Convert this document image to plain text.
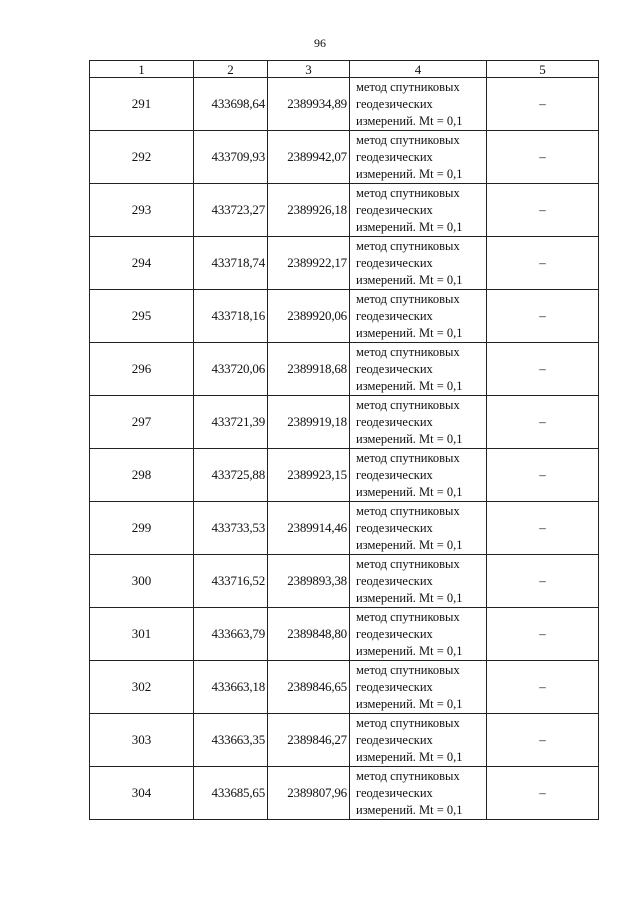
96
1	2	3	4	5
291	433698,64	2389934,89	метод спутниковых
геодезических
измерений. Mt = 0,1	–
292	433709,93	2389942,07	метод спутниковых
геодезических
измерений. Mt = 0,1	–
293	433723,27	2389926,18	метод спутниковых
геодезических
измерений. Mt = 0,1	–
294	433718,74	2389922,17	метод спутниковых
геодезических
измерений. Mt = 0,1	–
295	433718,16	2389920,06	метод спутниковых
геодезических
измерений. Mt = 0,1	–
296	433720,06	2389918,68	метод спутниковых
геодезических
измерений. Mt = 0,1	–
297	433721,39	2389919,18	метод спутниковых
геодезических
измерений. Mt = 0,1	–
298	433725,88	2389923,15	метод спутниковых
геодезических
измерений. Mt = 0,1	–
299	433733,53	2389914,46	метод спутниковых
геодезических
измерений. Mt = 0,1	–
300	433716,52	2389893,38	метод спутниковых
геодезических
измерений. Mt = 0,1	–
301	433663,79	2389848,80	метод спутниковых
геодезических
измерений. Mt = 0,1	–
302	433663,18	2389846,65	метод спутниковых
геодезических
измерений. Mt = 0,1	–
303	433663,35	2389846,27	метод спутниковых
геодезических
измерений. Mt = 0,1	–
304	433685,65	2389807,96	метод спутниковых
геодезических
измерений. Mt = 0,1	–
